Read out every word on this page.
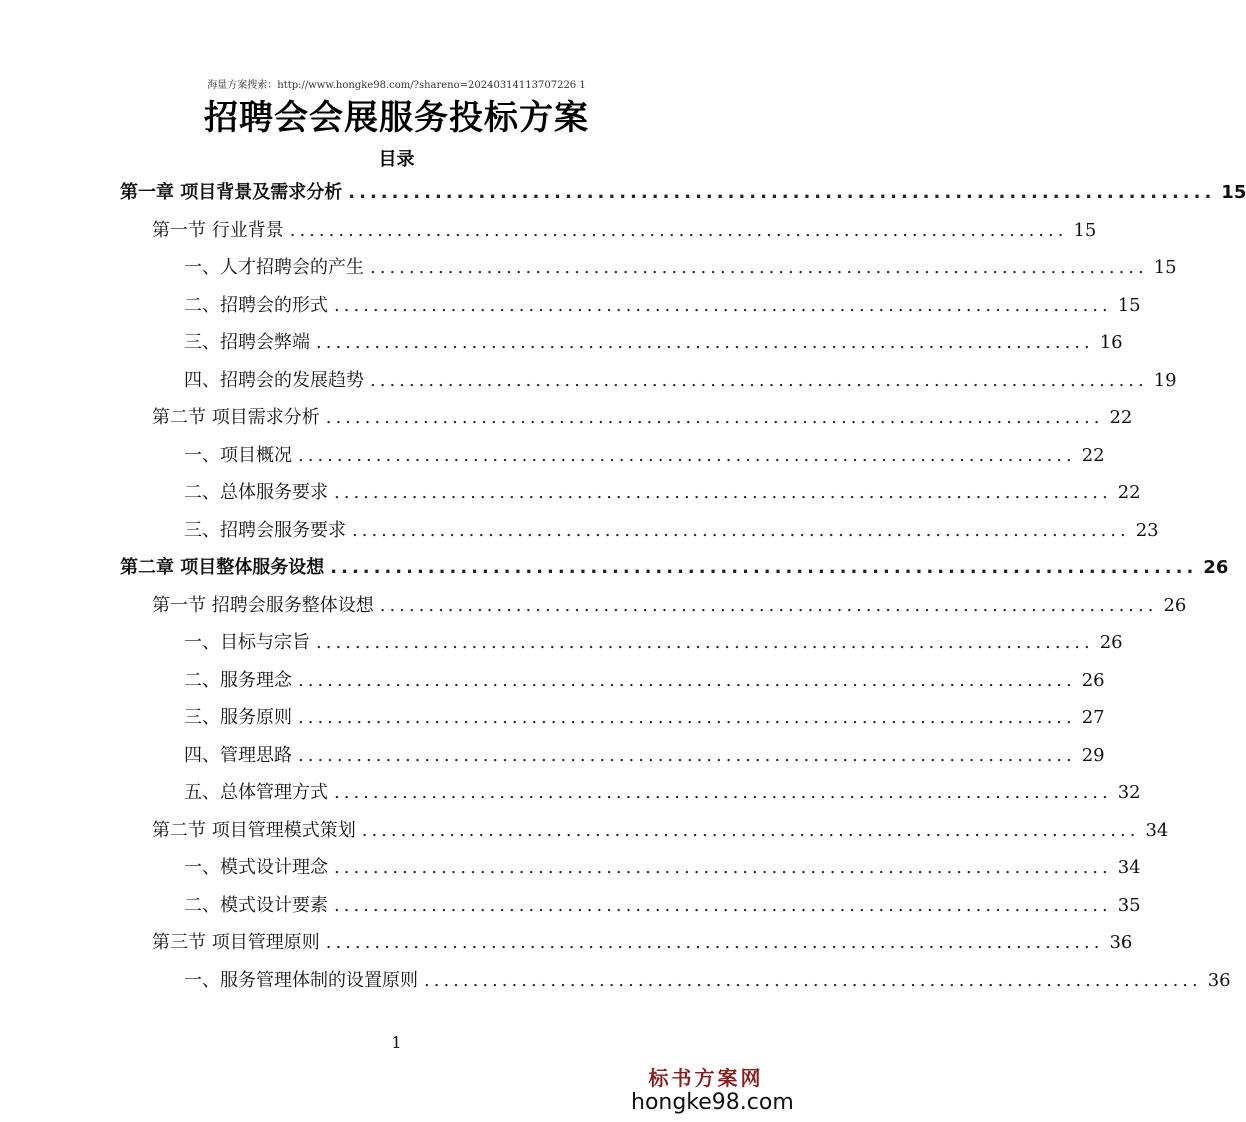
海量方案搜索：http://www.hongke98.com/?shareno=20240314113707226 1
招聘会会展服务投标方案
目录
第一章 项目背景及需求分析 ................................................................................ 15
第一节 行业背景 ................................................................................ 15
一、人才招聘会的产生 ................................................................................ 15
二、招聘会的形式 ................................................................................ 15
三、招聘会弊端 ................................................................................ 16
四、招聘会的发展趋势 ................................................................................ 19
第二节 项目需求分析 ................................................................................ 22
一、项目概况 ................................................................................ 22
二、总体服务要求 ................................................................................ 22
三、招聘会服务要求 ................................................................................ 23
第二章 项目整体服务设想 ................................................................................ 26
第一节 招聘会服务整体设想 ................................................................................ 26
一、目标与宗旨 ................................................................................ 26
二、服务理念 ................................................................................ 26
三、服务原则 ................................................................................ 27
四、管理思路 ................................................................................ 29
五、总体管理方式 ................................................................................ 32
第二节 项目管理模式策划 ................................................................................ 34
一、模式设计理念 ................................................................................ 34
二、模式设计要素 ................................................................................ 35
第三节 项目管理原则 ................................................................................ 36
一、服务管理体制的设置原则 ................................................................................ 36
1
标书方案网
hongke98.com
